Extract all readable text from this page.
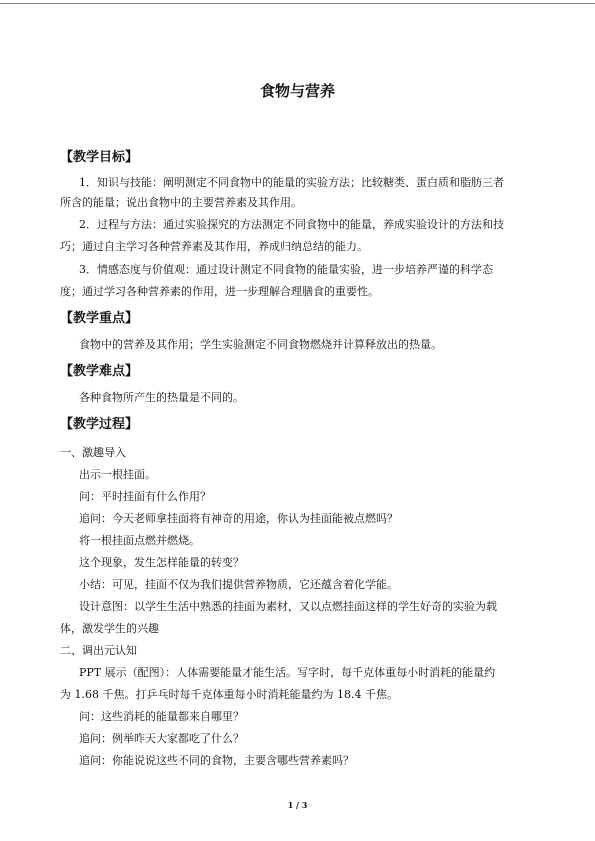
食物与营养
【教学目标】
1．知识与技能：阐明测定不同食物中的能量的实验方法；比较糖类、蛋白质和脂肪三者
所含的能量；说出食物中的主要营养素及其作用。
2．过程与方法：通过实验探究的方法测定不同食物中的能量，养成实验设计的方法和技
巧；通过自主学习各种营养素及其作用，养成归纳总结的能力。
3．情感态度与价值观：通过设计测定不同食物的能量实验，进一步培养严谨的科学态
度；通过学习各种营养素的作用，进一步理解合理膳食的重要性。
【教学重点】
食物中的营养及其作用；学生实验测定不同食物燃烧并计算释放出的热量。
【教学难点】
各种食物所产生的热量是不同的。
【教学过程】
一、激趣导入
出示一根挂面。
问：平时挂面有什么作用？
追问：今天老师拿挂面将有神奇的用途，你认为挂面能被点燃吗？
将一根挂面点燃并燃烧。
这个现象，发生怎样能量的转变？
小结：可见，挂面不仅为我们提供营养物质，它还蕴含着化学能。
设计意图：以学生生活中熟悉的挂面为素材，又以点燃挂面这样的学生好奇的实验为载
体，激发学生的兴趣
二、调出元认知
PPT 展示（配图）：人体需要能量才能生活。写字时，每千克体重每小时消耗的能量约
为 1.68 千焦。打乒乓时每千克体重每小时消耗能量约为 18.4 千焦。
问：这些消耗的能量都来自哪里？
追问：例举昨天大家都吃了什么？
追问：你能说说这些不同的食物，主要含哪些营养素吗？
1 / 3
